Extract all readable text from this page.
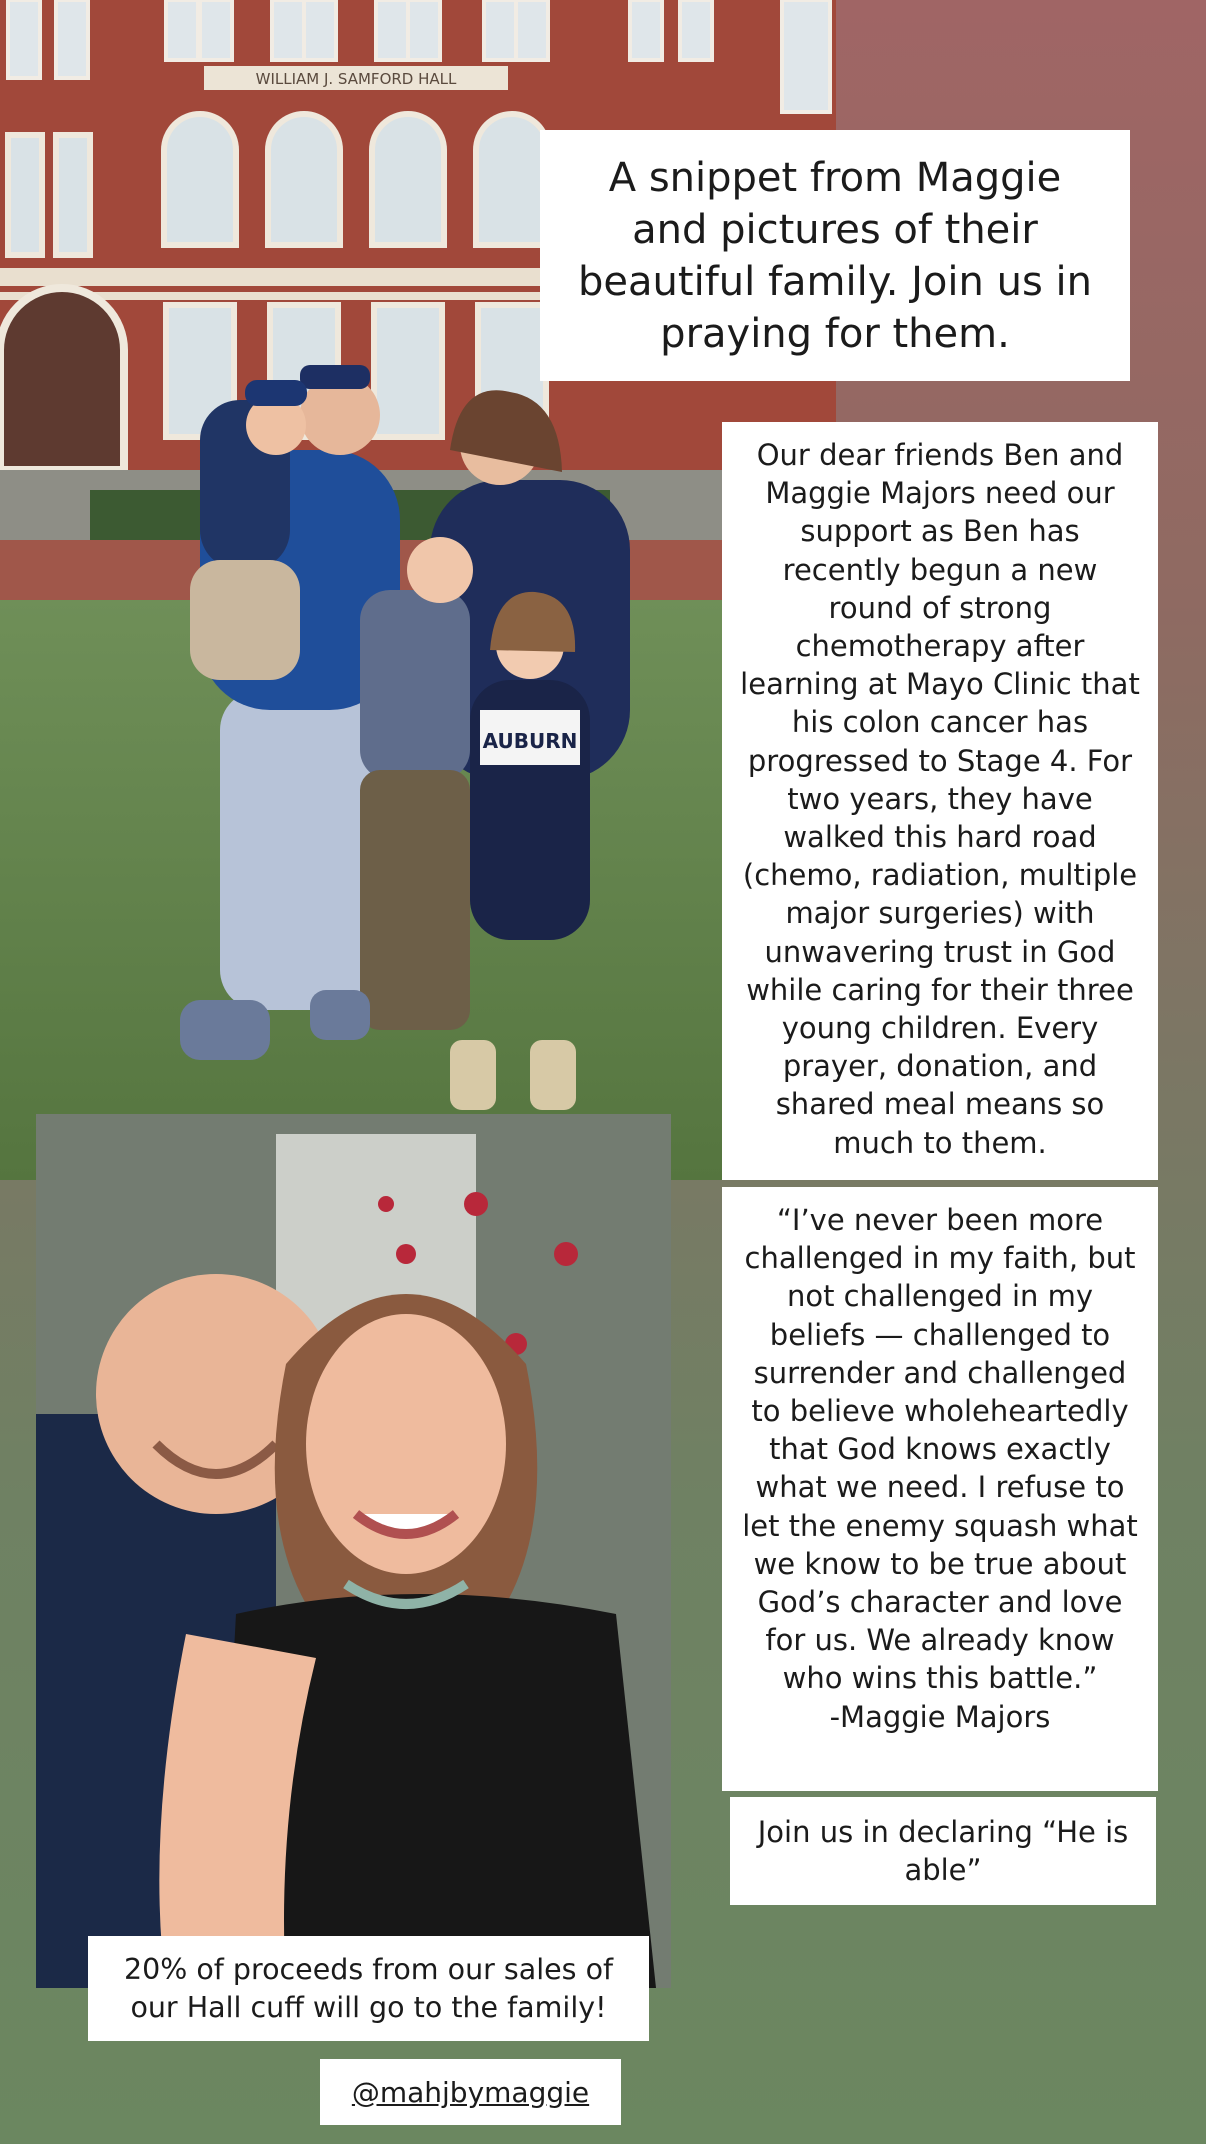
WILLIAM J. SAMFORD HALL
AUBURN
A snippet from Maggie and pictures of their beautiful family. Join us in praying for them.
Our dear friends Ben and Maggie Majors need our support as Ben has recently begun a new round of strong chemotherapy after learning at Mayo Clinic that his colon cancer has progressed to Stage 4. For two years, they have walked this hard road (chemo, radiation, multiple major surgeries) with unwavering trust in God while caring for their three young children. Every prayer, donation, and shared meal means so much to them.
“I’ve never been more challenged in my faith, but not challenged in my beliefs — challenged to surrender and challenged to believe wholeheartedly that God knows exactly what we need. I refuse to let the enemy squash what we know to be true about God’s character and love for us. We already know who wins this battle.”
-Maggie Majors
Join us in declaring “He is able”
20% of proceeds from our sales of our Hall cuff will go to the family!
@mahjbymaggie
